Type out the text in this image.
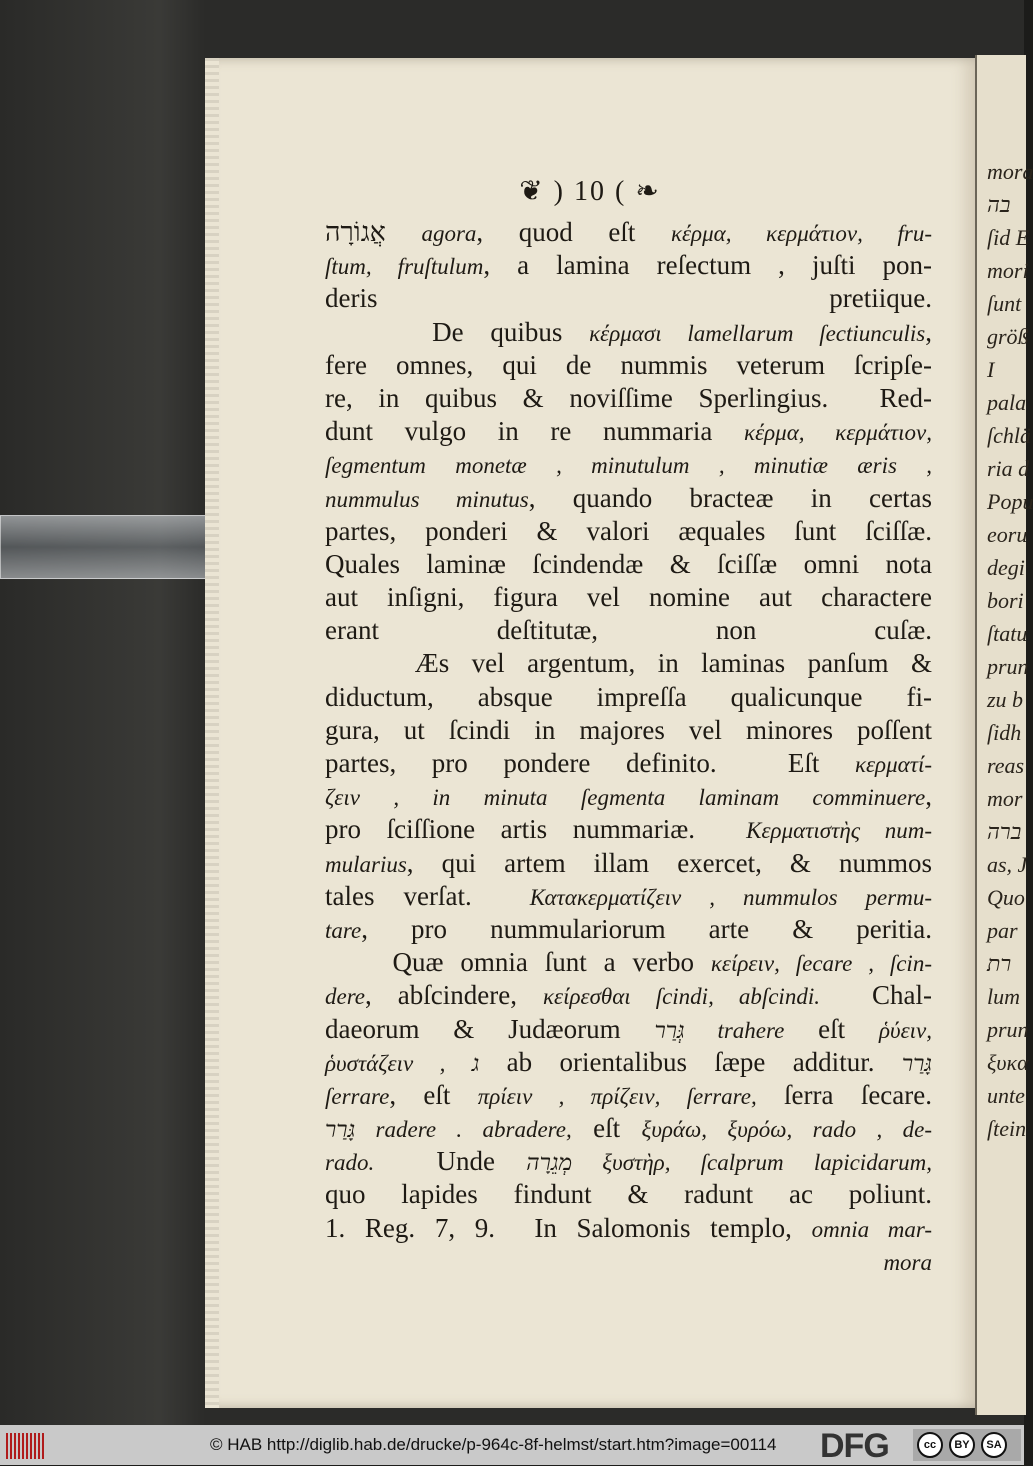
❦ ) 10 ( ❧
אֲגוֹרָה agora, quod eſt κέρμα, κερμάτιον, fru-
ſtum, fruſtulum, a lamina reſectum , juſti pon-
deris pretiique.
De quibus κέρμασι lamellarum ſectiunculis,
fere omnes, qui de nummis veterum ſcripſe-
re, in quibus & noviſſime Sperlingius.  Red-
dunt vulgo in re nummaria κέρμα, κερμάτιον,
ſegmentum monetæ , minutulum , minutiæ æris ,
nummulus minutus, quando bracteæ in certas
partes, ponderi & valori æquales ſunt ſciſſæ.
Quales laminæ ſcindendæ & ſciſſæ omni nota
aut inſigni, figura vel nomine aut charactere
erant deſtitutæ, non cuſæ.
Æs vel argentum, in laminas panſum &
diductum, absque impreſſa qualicunque fi-
gura, ut ſcindi in majores vel minores poſſent
partes, pro pondere definito.  Eſt κερματί-
ζειν , in minuta ſegmenta laminam comminuere,
pro ſciſſione artis nummariæ.  Κερματιστὴς num-
mularius, qui artem illam exercet, & nummos
tales verſat.  Κατακερματίζειν , nummulos permu-
tare, pro nummulariorum arte & peritia.
Quæ omnia ſunt a verbo κείρειν, ſecare , ſcin-
dere, abſcindere, κείρεσθαι ſcindi, abſcindi.  Chal-
daeorum & Judæorum גְּרַר trahere eſt ῥύειν,
ῥυστάζειν , ג ab orientalibus ſæpe additur. גָּרַר
ſerrare, eſt πρίειν , πρίζειν, ſerrare, ſerra ſecare.
גָּרַר radere . abradere, eſt ξυράω, ξυρόω, rado , de-
rado.  Unde מְגֵרָה ξυστὴρ, ſcalprum lapicidarum,
quo lapides findunt & radunt ac poliunt.
1. Reg. 7, 9.  In Salomonis templo, omnia mar-
mora
mora
בה
ſid E
mori
ſunt
größ
I
pala
ſchlä
ria d
Popu
eoru
degi
bori
ſtatu
prun
zu b
ſidh
reas
mor
ברה
as, J
Quo
par
רת
lum
prun
ξυκα
unte
ſtein
© HAB http://diglib.hab.de/drucke/p-964c-8f-helmst/start.htm?image=00114 DFG	cc	BY	SA
